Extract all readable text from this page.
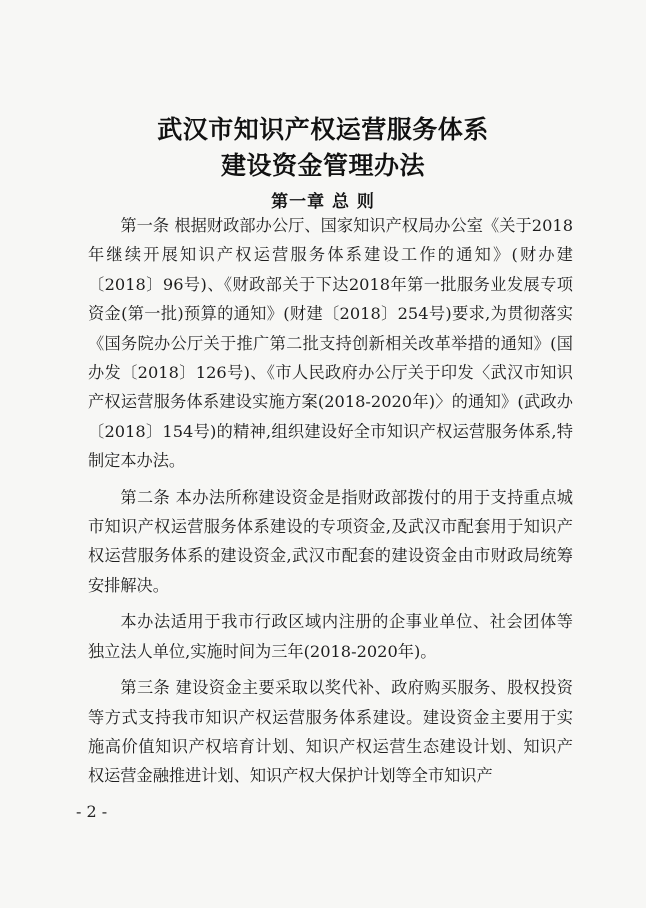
武汉市知识产权运营服务体系
建设资金管理办法
第一章 总 则

第一条 根据财政部办公厅、国家知识产权局办公室《关于2018年继续开展知识产权运营服务体系建设工作的通知》(财办建〔2018〕96号)、《财政部关于下达2018年第一批服务业发展专项资金(第一批)预算的通知》(财建〔2018〕254号)要求,为贯彻落实《国务院办公厅关于推广第二批支持创新相关改革举措的通知》(国办发〔2018〕126号)、《市人民政府办公厅关于印发〈武汉市知识产权运营服务体系建设实施方案(2018-2020年)〉的通知》(武政办〔2018〕154号)的精神,组织建设好全市知识产权运营服务体系,特制定本办法。

第二条 本办法所称建设资金是指财政部拨付的用于支持重点城市知识产权运营服务体系建设的专项资金,及武汉市配套用于知识产权运营服务体系的建设资金,武汉市配套的建设资金由市财政局统筹安排解决。

本办法适用于我市行政区域内注册的企事业单位、社会团体等独立法人单位,实施时间为三年(2018-2020年)。

第三条 建设资金主要采取以奖代补、政府购买服务、股权投资等方式支持我市知识产权运营服务体系建设。建设资金主要用于实施高价值知识产权培育计划、知识产权运营生态建设计划、知识产权运营金融推进计划、知识产权大保护计划等全市知识产

- 2 -
